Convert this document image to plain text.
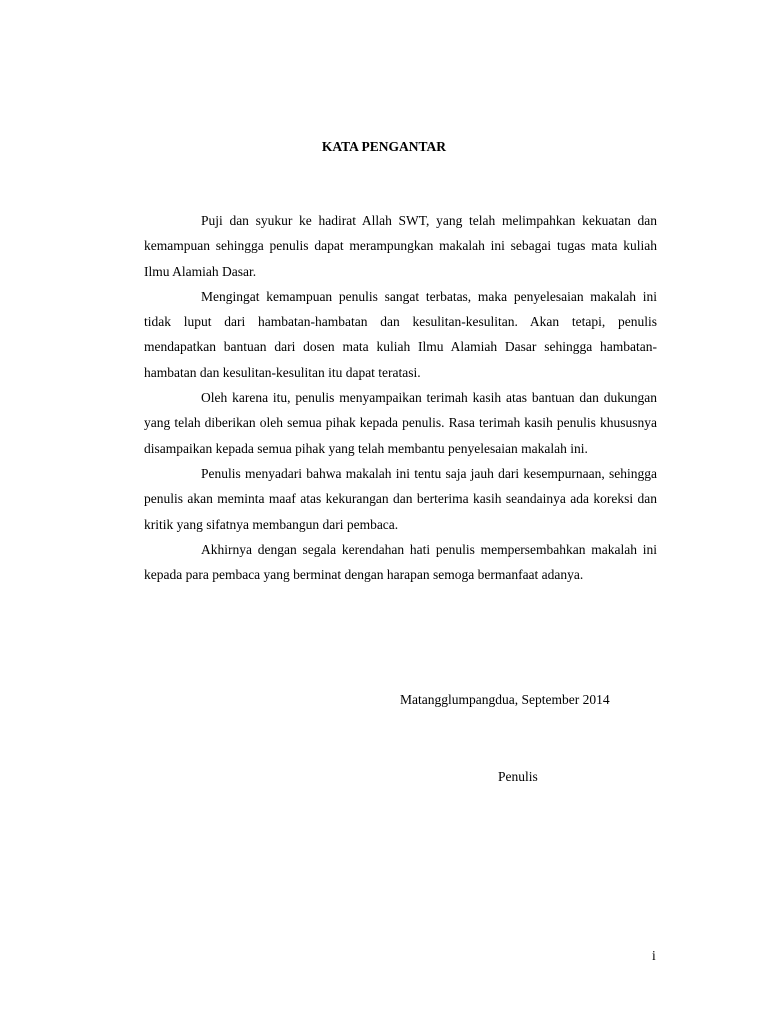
KATA PENGANTAR

Puji dan syukur ke hadirat Allah SWT, yang telah melimpahkan kekuatan dan kemampuan sehingga penulis dapat merampungkan makalah ini sebagai tugas mata kuliah Ilmu Alamiah Dasar.

Mengingat kemampuan penulis sangat terbatas, maka penyelesaian makalah ini tidak luput dari hambatan-hambatan dan kesulitan-kesulitan. Akan tetapi, penulis mendapatkan bantuan dari dosen mata kuliah Ilmu Alamiah Dasar sehingga hambatan-hambatan dan kesulitan-kesulitan itu dapat teratasi.

Oleh karena itu, penulis menyampaikan terimah kasih atas bantuan dan dukungan yang telah diberikan oleh semua pihak kepada penulis. Rasa terimah kasih penulis khususnya disampaikan kepada semua pihak yang telah membantu penyelesaian makalah ini.

Penulis menyadari bahwa makalah ini tentu saja jauh dari kesempurnaan, sehingga penulis akan meminta maaf atas kekurangan dan berterima kasih seandainya ada koreksi dan kritik yang sifatnya membangun dari pembaca.

Akhirnya dengan segala kerendahan hati penulis mempersembahkan makalah ini kepada para pembaca yang berminat dengan harapan semoga bermanfaat adanya.

Matangglumpangdua, September 2014
Penulis
i
